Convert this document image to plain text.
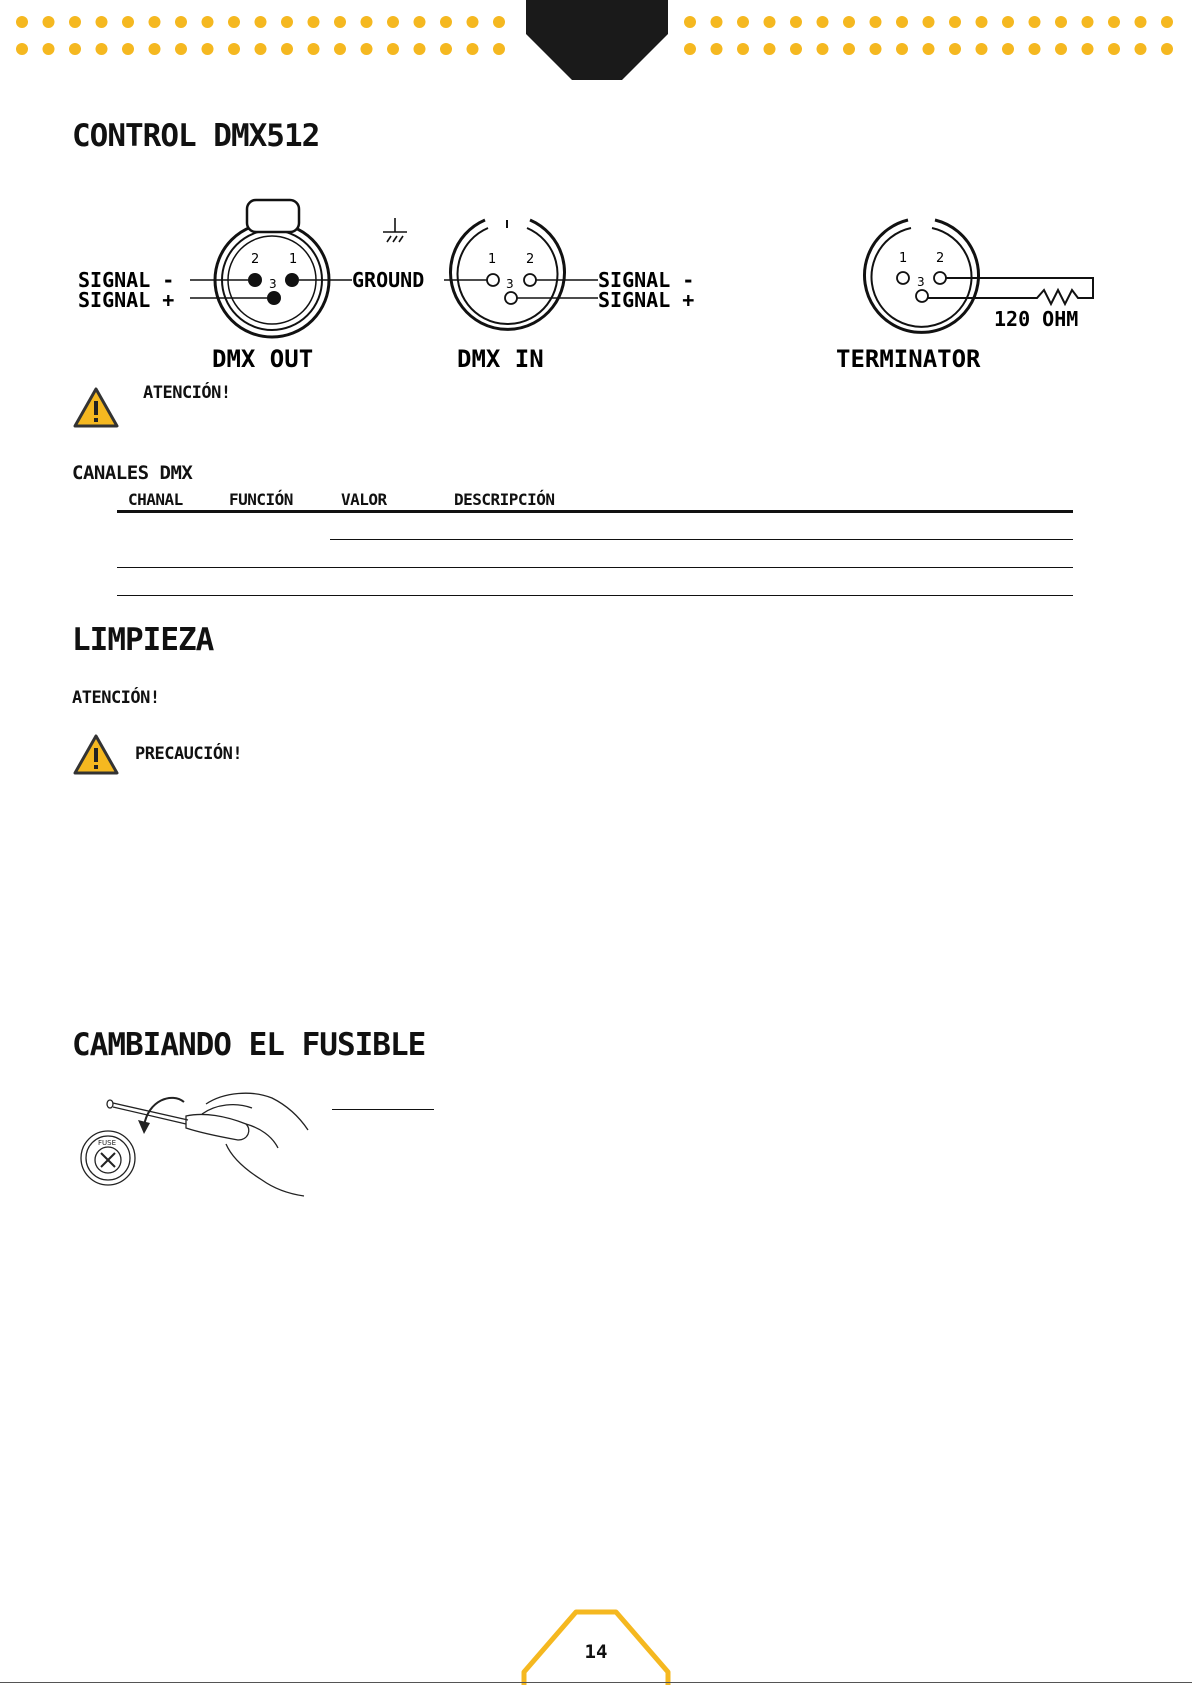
CONTROL DMX512
2 1
3
1 2
3
SIGNAL -
SIGNAL +
GROUND	SIGNAL -
SIGNAL +
DMX OUT	DMX IN
1 2
3
120 OHM
TERMINATOR
ATENCIÓN!
CANALES DMX
CHANAL	FUNCIÓN	VALOR	DESCRIPCIÓN
LIMPIEZA
ATENCIÓN!
PRECAUCIÓN!
CAMBIANDO EL FUSIBLE
FUSE
14
